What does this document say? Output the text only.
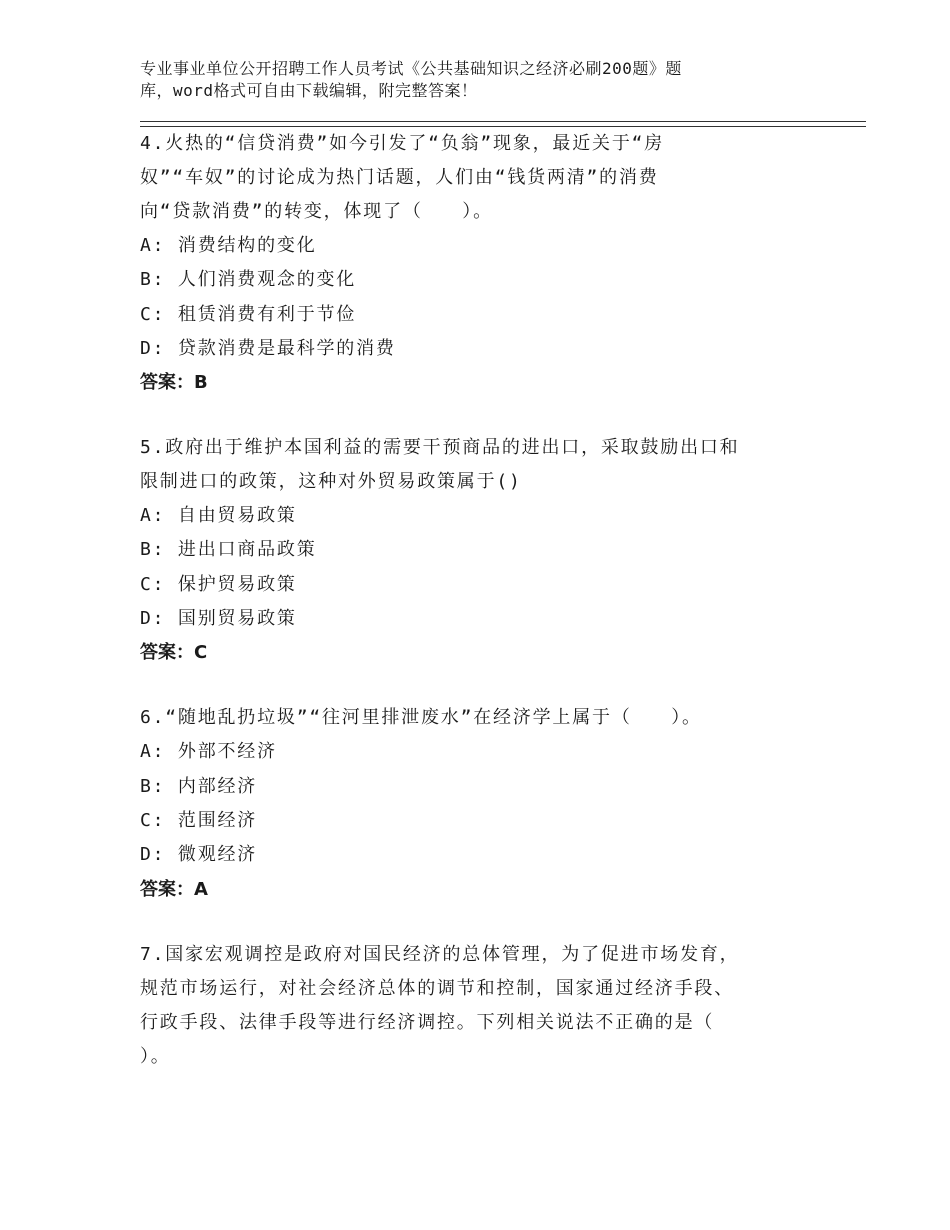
专业事业单位公开招聘工作人员考试《公共基础知识之经济必刷200题》题
库，word格式可自由下载编辑，附完整答案！
4.火热的“信贷消费”如今引发了“负翁”现象，最近关于“房
奴”“车奴”的讨论成为热门话题，人们由“钱货两清”的消费
向“贷款消费”的转变，体现了（　　）。
A: 消费结构的变化
B: 人们消费观念的变化
C: 租赁消费有利于节俭
D: 贷款消费是最科学的消费
答案：B
5.政府出于维护本国利益的需要干预商品的进出口，采取鼓励出口和
限制进口的政策，这种对外贸易政策属于()
A: 自由贸易政策
B: 进出口商品政策
C: 保护贸易政策
D: 国别贸易政策
答案：C
6.“随地乱扔垃圾”“往河里排泄废水”在经济学上属于（　　）。
A: 外部不经济
B: 内部经济
C: 范围经济
D: 微观经济
答案：A
7.国家宏观调控是政府对国民经济的总体管理，为了促进市场发育，
规范市场运行，对社会经济总体的调节和控制，国家通过经济手段、
行政手段、法律手段等进行经济调控。下列相关说法不正确的是（
）。
